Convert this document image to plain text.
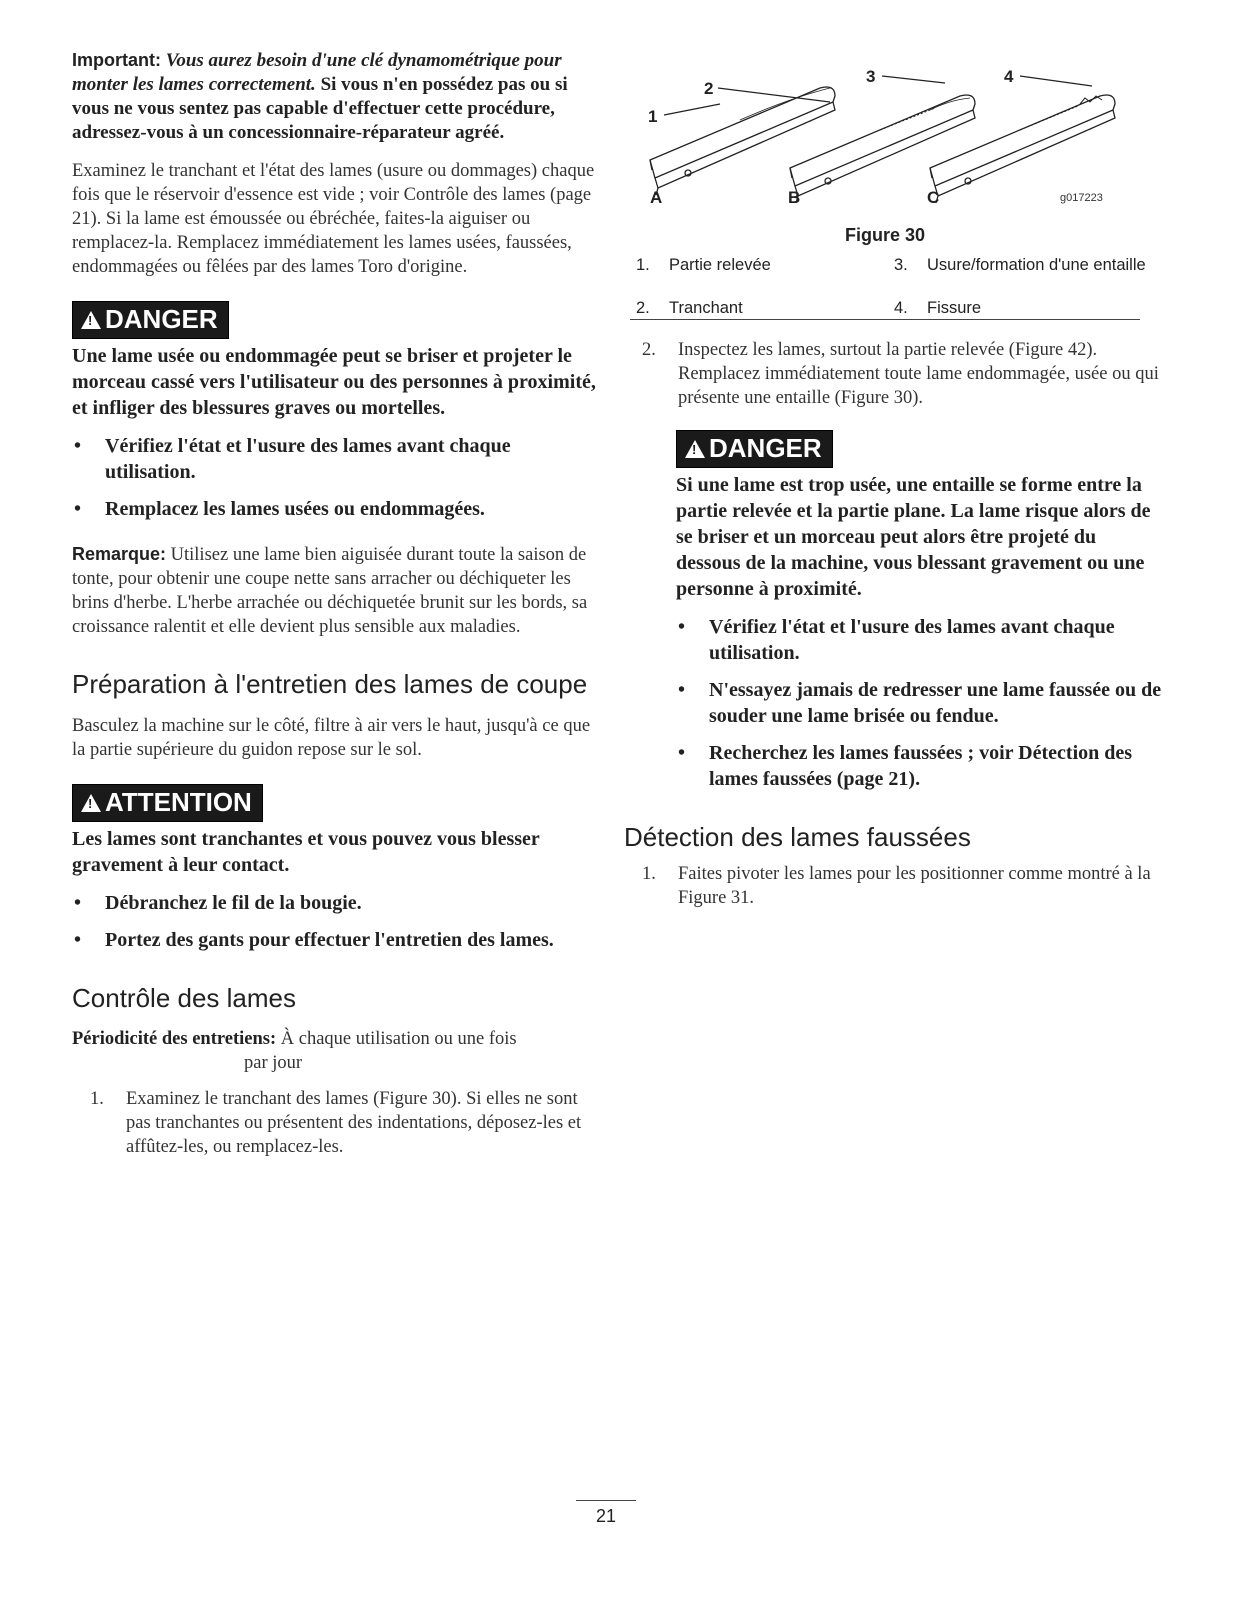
Important: Vous aurez besoin d'une clé dynamométrique pour monter les lames correctement. Si vous n'en possédez pas ou si vous ne vous sentez pas capable d'effectuer cette procédure, adressez-vous à un concessionnaire-réparateur agréé.

Examinez le tranchant et l'état des lames (usure ou dommages) chaque fois que le réservoir d'essence est vide ; voir Contrôle des lames (page 21). Si la lame est émoussée ou ébréchée, faites-la aiguiser ou remplacez-la. Remplacez immédiatement les lames usées, faussées, endommagées ou fêlées par des lames Toro d'origine.

!DANGER

Une lame usée ou endommagée peut se briser et projeter le morceau cassé vers l'utilisateur ou des personnes à proximité, et infliger des blessures graves ou mortelles.

• Vérifiez l'état et l'usure des lames avant chaque utilisation.
• Remplacez les lames usées ou endommagées.

Remarque: Utilisez une lame bien aiguisée durant toute la saison de tonte, pour obtenir une coupe nette sans arracher ou déchiqueter les brins d'herbe. L'herbe arrachée ou déchiquetée brunit sur les bords, sa croissance ralentit et elle devient plus sensible aux maladies.

Préparation à l'entretien des lames de coupe

Basculez la machine sur le côté, filtre à air vers le haut, jusqu'à ce que la partie supérieure du guidon repose sur le sol.

!ATTENTION

Les lames sont tranchantes et vous pouvez vous blesser gravement à leur contact.

• Débranchez le fil de la bougie.
• Portez des gants pour effectuer l'entretien des lames.
Contrôle des lames
Périodicité des entretiens: À chaque utilisation ou une fois
par jour
1. Examinez le tranchant des lames (Figure 30). Si elles ne sont pas tranchantes ou présentent des indentations, déposez-les et affûtez-les, ou remplacez-les.
1
2
3	4
A	B	C	g017223
Figure 30
1. Partie relevée
2. Tranchant
3. Usure/formation d'une entaille
4. Fissure
2. Inspectez les lames, surtout la partie relevée (Figure 42). Remplacez immédiatement toute lame endommagée, usée ou qui présente une entaille (Figure 30).
!DANGER

Si une lame est trop usée, une entaille se forme entre la partie relevée et la partie plane. La lame risque alors de se briser et un morceau peut alors être projeté du dessous de la machine, vous blessant gravement ou une personne à proximité.

• Vérifiez l'état et l'usure des lames avant chaque utilisation.
• N'essayez jamais de redresser une lame faussée ou de souder une lame brisée ou fendue.
• Recherchez les lames faussées ; voir Détection des lames faussées (page 21).
Détection des lames faussées
1. Faites pivoter les lames pour les positionner comme montré à la Figure 31.
21
